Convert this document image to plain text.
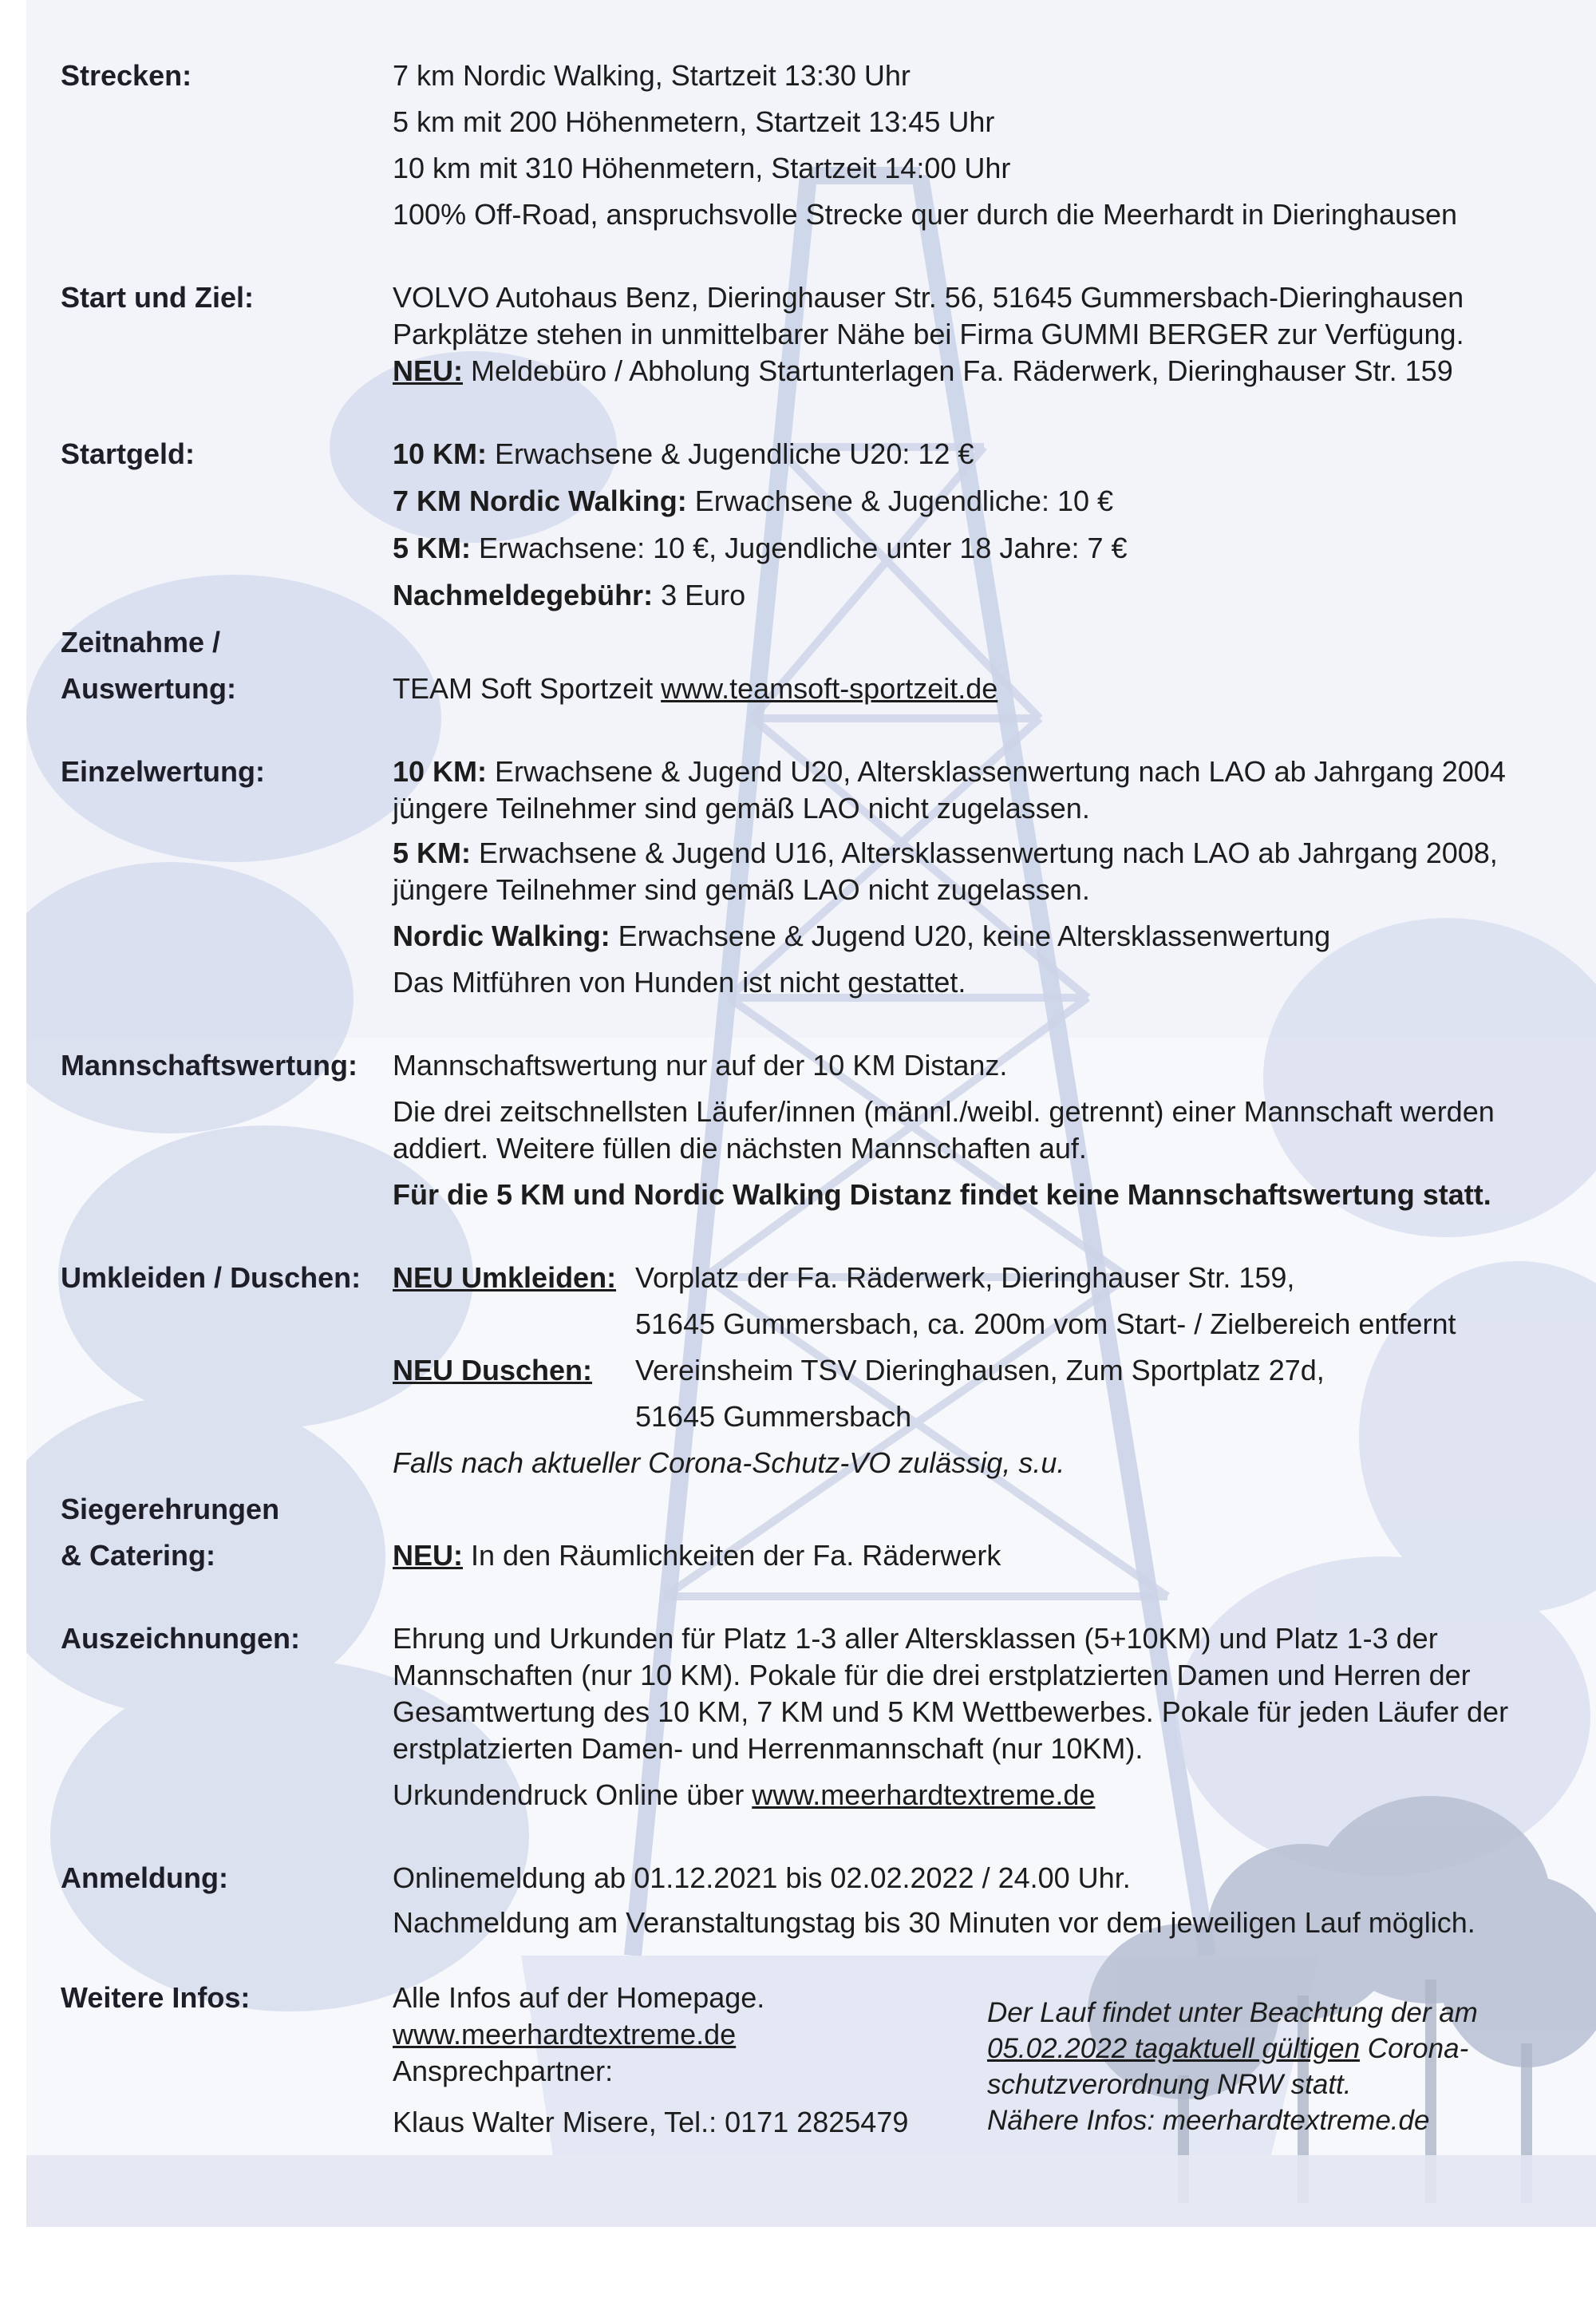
Strecken:	7 km Nordic Walking, Startzeit 13:30 Uhr
5 km mit 200 Höhenmetern, Startzeit 13:45 Uhr
10 km mit 310 Höhenmetern, Startzeit 14:00 Uhr
100% Off-Road, anspruchsvolle Strecke quer durch die Meerhardt in Dieringhausen
Start und Ziel:	VOLVO Autohaus Benz, Dieringhauser Str. 56, 51645 Gummersbach-Dieringhausen
Parkplätze stehen in unmittelbarer Nähe bei Firma GUMMI BERGER zur Verfügung.
NEU: Meldebüro / Abholung Startunterlagen Fa. Räderwerk, Dieringhauser Str. 159
Startgeld:	10 KM: Erwachsene & Jugendliche U20: 12 €
7 KM Nordic Walking: Erwachsene & Jugendliche: 10 €
5 KM: Erwachsene: 10 €, Jugendliche unter 18 Jahre: 7 €
Nachmeldegebühr: 3 Euro
Zeitnahme /
Auswertung:	TEAM Soft Sportzeit www.teamsoft-sportzeit.de
Einzelwertung:	10 KM: Erwachsene & Jugend U20, Altersklassenwertung nach LAO ab Jahrgang 2004
jüngere Teilnehmer sind gemäß LAO nicht zugelassen.
5 KM: Erwachsene & Jugend U16, Altersklassenwertung nach LAO ab Jahrgang 2008,
jüngere Teilnehmer sind gemäß LAO nicht zugelassen.
Nordic Walking: Erwachsene & Jugend U20, keine Altersklassenwertung
Das Mitführen von Hunden ist nicht gestattet.
Mannschaftswertung: Mannschaftswertung nur auf der 10 KM Distanz.
Die drei zeitschnellsten Läufer/innen (männl./weibl. getrennt) einer Mannschaft werden
addiert. Weitere füllen die nächsten Mannschaften auf.
Für die 5 KM und Nordic Walking Distanz findet keine Mannschaftswertung statt.
Umkleiden / Duschen: NEU Umkleiden: Vorplatz der Fa. Räderwerk, Dieringhauser Str. 159,
51645 Gummersbach, ca. 200m vom Start- / Zielbereich entfernt
NEU Duschen: Vereinsheim TSV Dieringhausen, Zum Sportplatz 27d,
51645 Gummersbach
Falls nach aktueller Corona-Schutz-VO zulässig, s.u.
Siegerehrungen
& Catering:	NEU: In den Räumlichkeiten der Fa. Räderwerk
Auszeichnungen:	Ehrung und Urkunden für Platz 1-3 aller Altersklassen (5+10KM) und Platz 1-3 der
Mannschaften (nur 10 KM). Pokale für die drei erstplatzierten Damen und Herren der
Gesamtwertung des 10 KM, 7 KM und 5 KM Wettbewerbes. Pokale für jeden Läufer der
erstplatzierten Damen- und Herrenmannschaft (nur 10KM).
Urkundendruck Online über www.meerhardtextreme.de
Anmeldung:	Onlinemeldung ab 01.12.2021 bis 02.02.2022 / 24.00 Uhr.
Nachmeldung am Veranstaltungstag bis 30 Minuten vor dem jeweiligen Lauf möglich.
Weitere Infos:	Alle Infos auf der Homepage.
www.meerhardtextreme.de
Ansprechpartner:
Klaus Walter Misere, Tel.: 0171 2825479
Der Lauf findet unter Beachtung der am
05.02.2022 tagaktuell gültigen Corona-
schutzverordnung NRW statt.
Nähere Infos: meerhardtextreme.de
